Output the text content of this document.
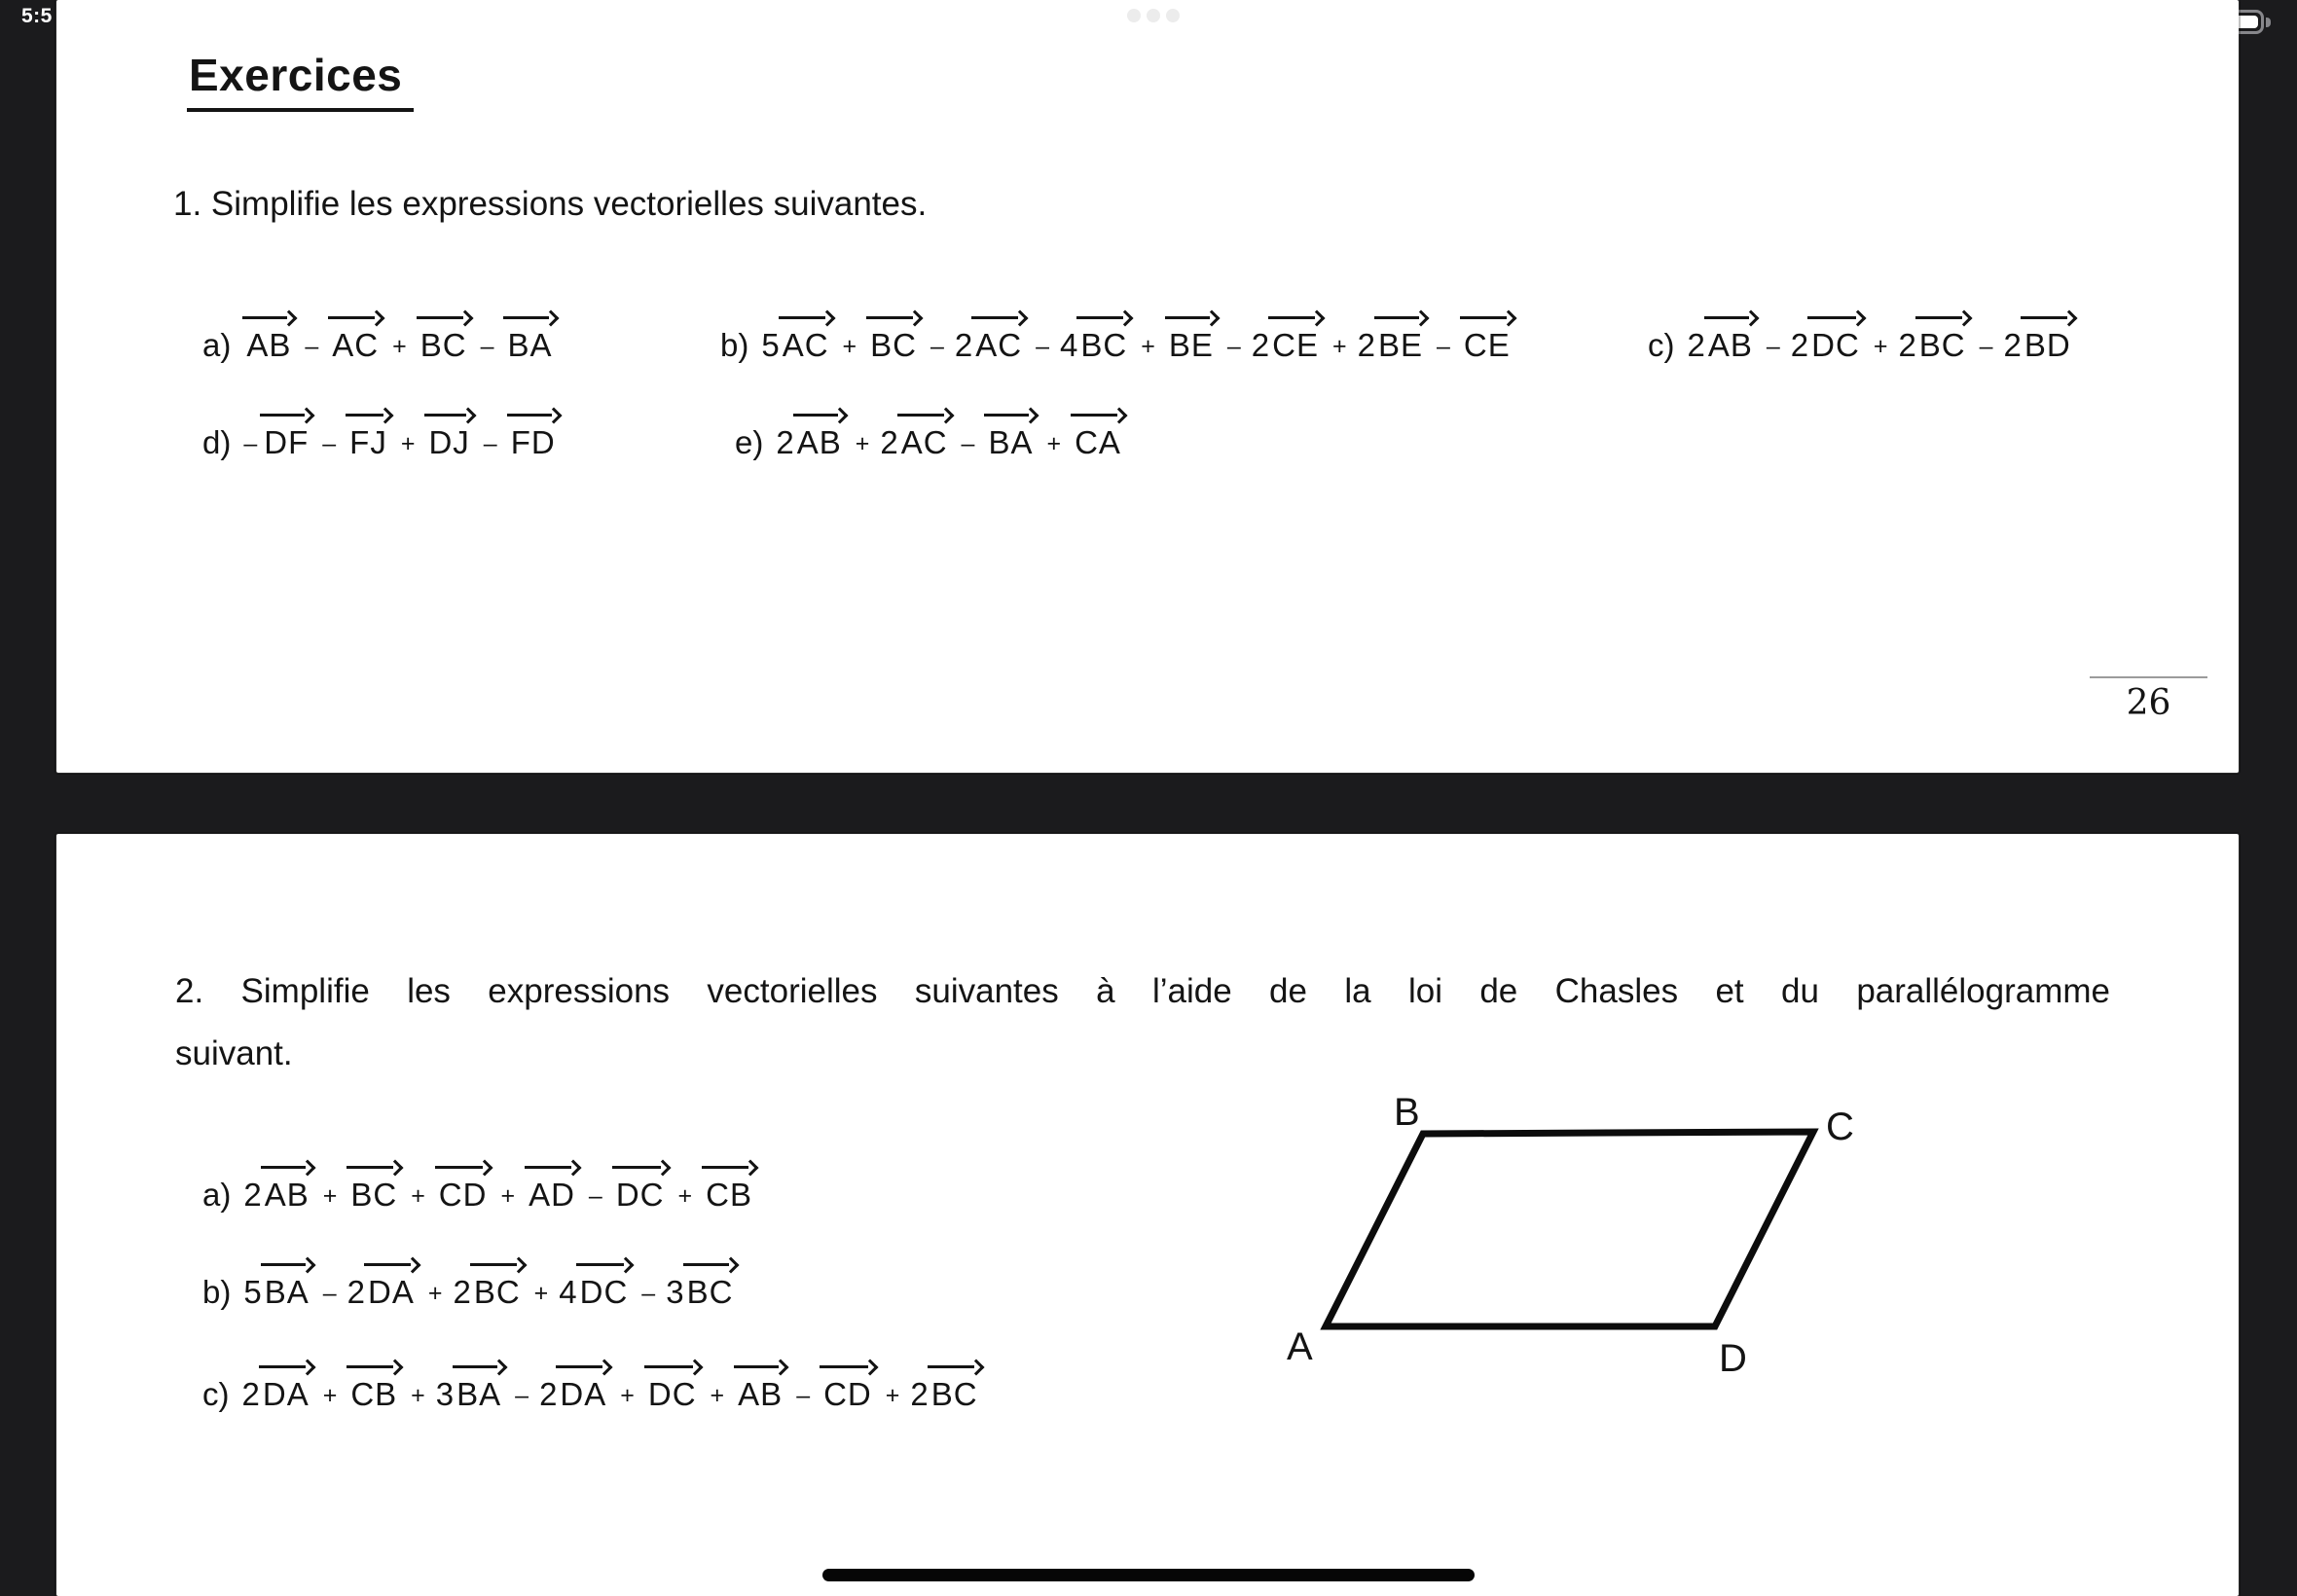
5:5
Exercices

1. Simplifie les expressions vectorielles suivantes.

a) AB – AC + BC – BA	b) 5AC + BC – 2AC – 4BC + BE – 2CE + 2BE – CE	c) 2AB – 2DC + 2BC – 2BD
d) – DF – FJ + DJ – FD	e) 2AB + 2AC – BA + CA
26

2. Simplifie les expressions vectorielles suivantes à l’aide de la loi de Chasles et du parallélogramme

suivant.

a) 2AB + BC + CD + AD – DC + CB
b) 5BA – 2DA + 2BC + 4DC – 3BC
c) 2DA + CB + 3BA – 2DA + DC + AB – CD + 2BC
A
B	C
D
